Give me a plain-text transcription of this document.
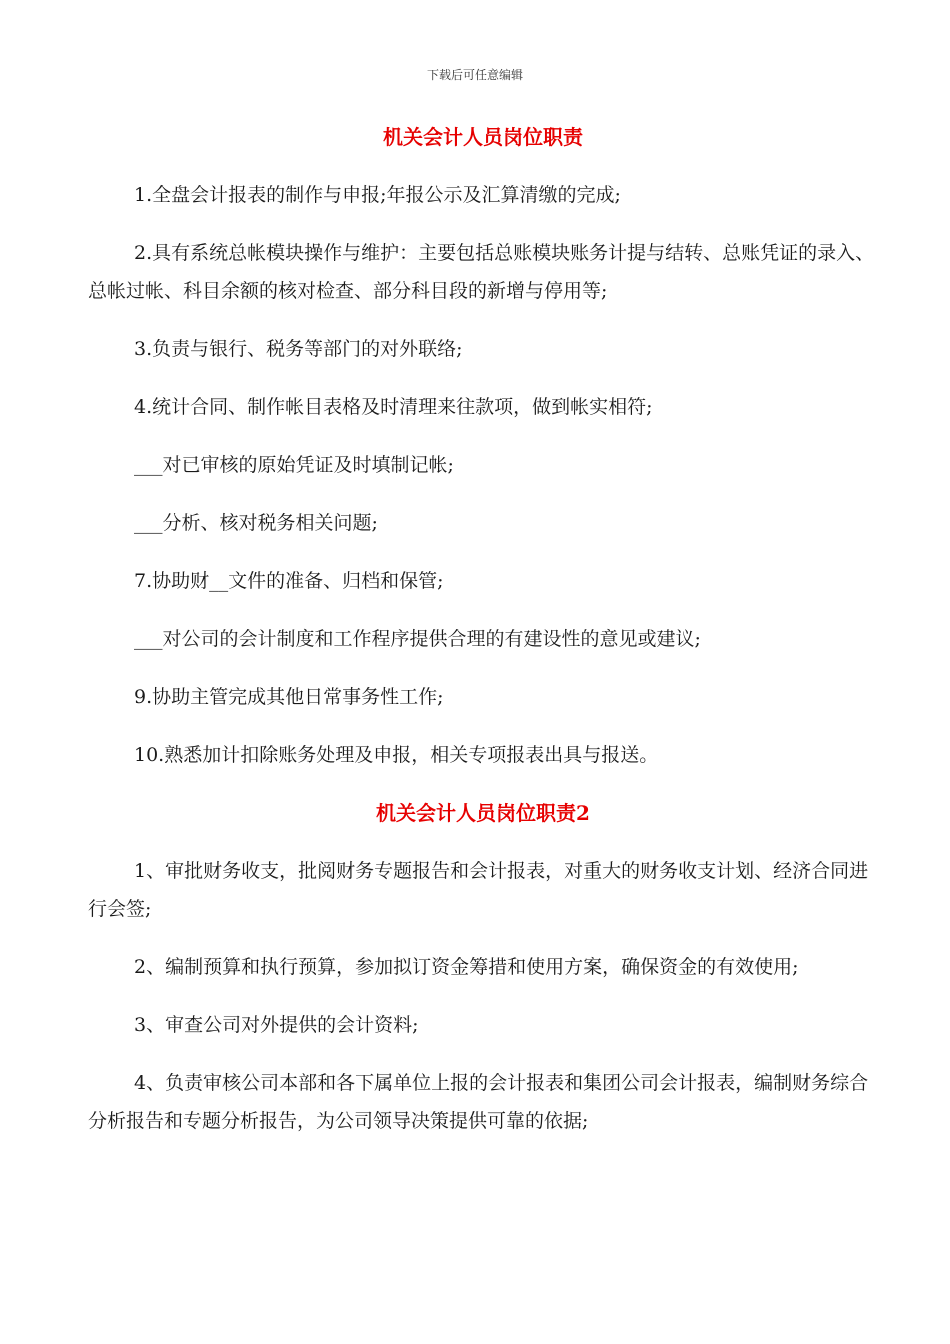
下载后可任意编辑
机关会计人员岗位职责

1.全盘会计报表的制作与申报;年报公示及汇算清缴的完成;

2.具有系统总帐模块操作与维护：主要包括总账模块账务计提与结转、总账凭证的录入、总帐过帐、科目余额的核对检查、部分科目段的新增与停用等;

3.负责与银行、税务等部门的对外联络;

4.统计合同、制作帐目表格及时清理来往款项，做到帐实相符;

___对已审核的原始凭证及时填制记帐;

___分析、核对税务相关问题;

7.协助财__文件的准备、归档和保管;

___对公司的会计制度和工作程序提供合理的有建设性的意见或建议;

9.协助主管完成其他日常事务性工作;

10.熟悉加计扣除账务处理及申报，相关专项报表出具与报送。

机关会计人员岗位职责2

1、审批财务收支，批阅财务专题报告和会计报表，对重大的财务收支计划、经济合同进行会签;

2、编制预算和执行预算，参加拟订资金筹措和使用方案，确保资金的有效使用;

3、审查公司对外提供的会计资料;

4、负责审核公司本部和各下属单位上报的会计报表和集团公司会计报表，编制财务综合分析报告和专题分析报告，为公司领导决策提供可靠的依据;
